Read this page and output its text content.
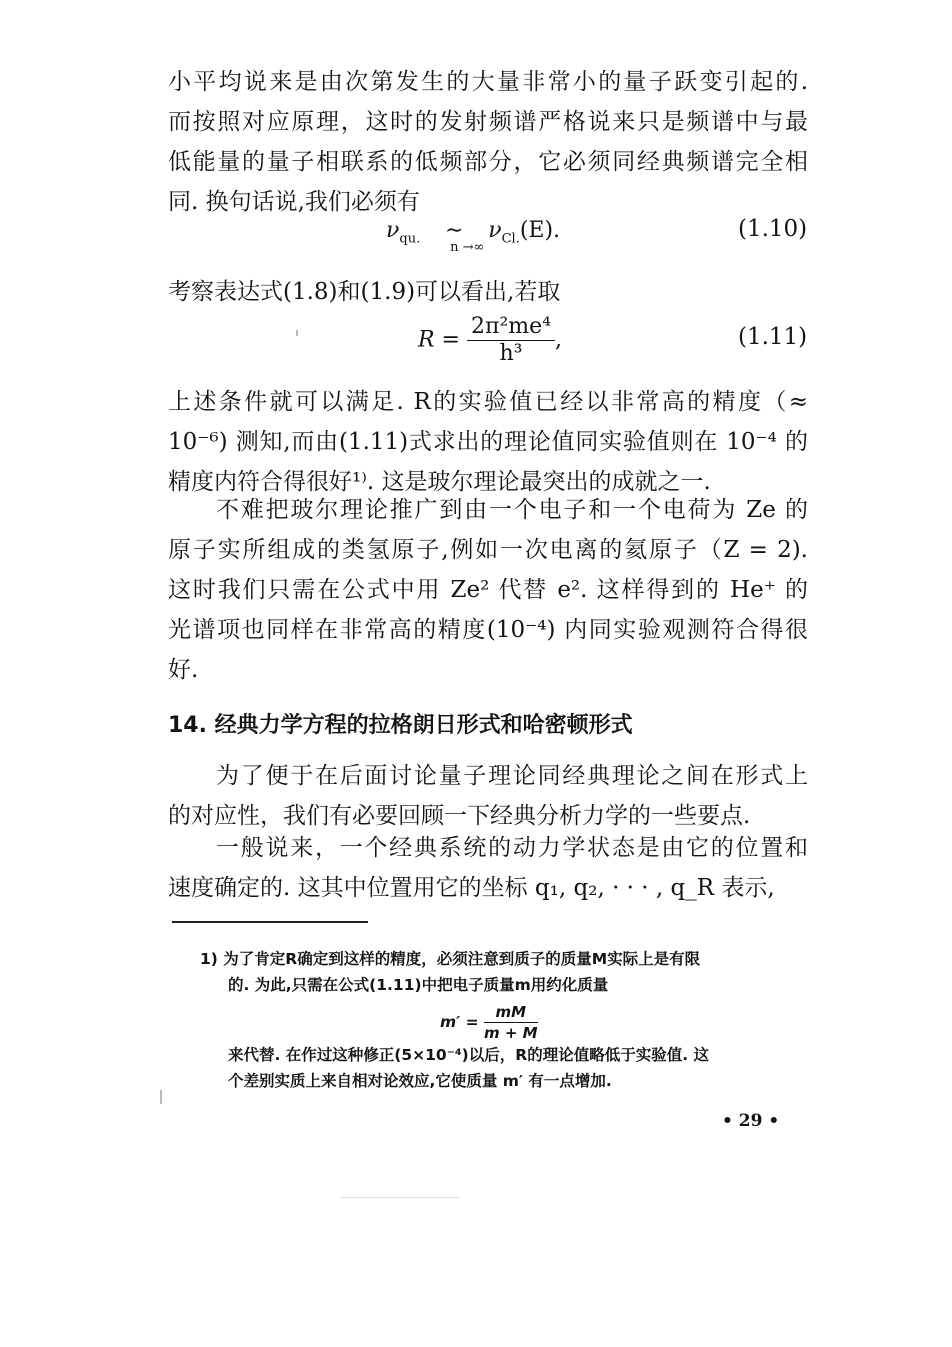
小平均说来是由次第发生的大量非常小的量子跃变引起的.
而按照对应原理，这时的发射频谱严格说来只是频谱中与最
低能量的量子相联系的低频部分，它必须同经典频谱完全相
同. 换句话说,我们必须有
$\nu_{qu.}$ ∼
n →∞
$\nu_{Cl.}(E)$.	(1.10)
考察表达式(1.8)和(1.9)可以看出,若取
$R = \frac{\text{2π²me⁴}}{\text{h³}}$ ,	(1.11)
上述条件就可以满足. R的实验值已经以非常高的精度（≈
10⁻⁶) 测知,而由(1.11)式求出的理论值同实验值则在 10⁻⁴ 的
精度内符合得很好¹⁾. 这是玻尔理论最突出的成就之一.
不难把玻尔理论推广到由一个电子和一个电荷为 Ze 的
原子实所组成的类氢原子,例如一次电离的氦原子（Z = 2).
这时我们只需在公式中用 Ze² 代替 e². 这样得到的 He⁺ 的
光谱项也同样在非常高的精度(10⁻⁴) 内同实验观测符合得很
好.
14. 经典力学方程的拉格朗日形式和哈密顿形式
为了便于在后面讨论量子理论同经典理论之间在形式上
的对应性，我们有必要回顾一下经典分析力学的一些要点.
一般说来，一个经典系统的动力学状态是由它的位置和
速度确定的. 这其中位置用它的坐标 q₁, q₂, · · · , q_R 表示,
1) 为了肯定R确定到这样的精度，必须注意到质子的质量M实际上是有限
的. 为此,只需在公式(1.11)中把电子质量m用约化质量
$m' = \frac{mM}{m + M}$
来代替. 在作过这种修正(5×10⁻⁴)以后，R的理论值略低于实验值. 这
个差别实质上来自相对论效应,它使质量 m′ 有一点增加.
• 29 •
